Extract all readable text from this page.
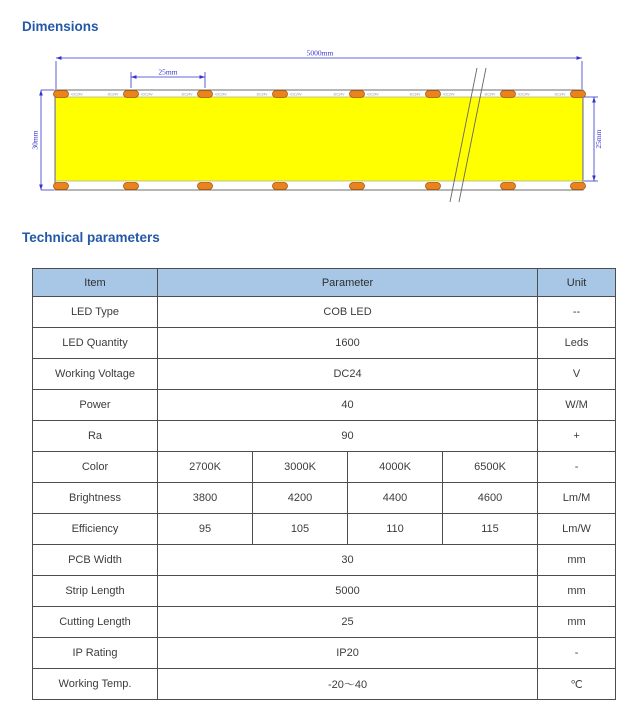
Dimensions
+DC24V	-DC24V	+DC24V	-DC24V	+DC24V	-DC24V	+DC24V	-DC24V	+DC24V	-DC24V	+DC24V	-DC24V	+DC24V	-DC24V
5000mm
25mm
30mm	25mm
Technical parameters
Item	Parameter				Unit
LED Type	COB LED				--
LED Quantity	1600				Leds
Working Voltage	DC24				V
Power	40				W/M
Ra	90				+
Color	2700K	3000K	4000K	6500K	-
Brightness	3800	4200	4400	4600	Lm/M
Efficiency	95	105	110	115	Lm/W
PCB Width	30				mm
Strip Length	5000				mm
Cutting Length	25				mm
IP Rating	IP20				-
Working Temp.	-20～40				℃
